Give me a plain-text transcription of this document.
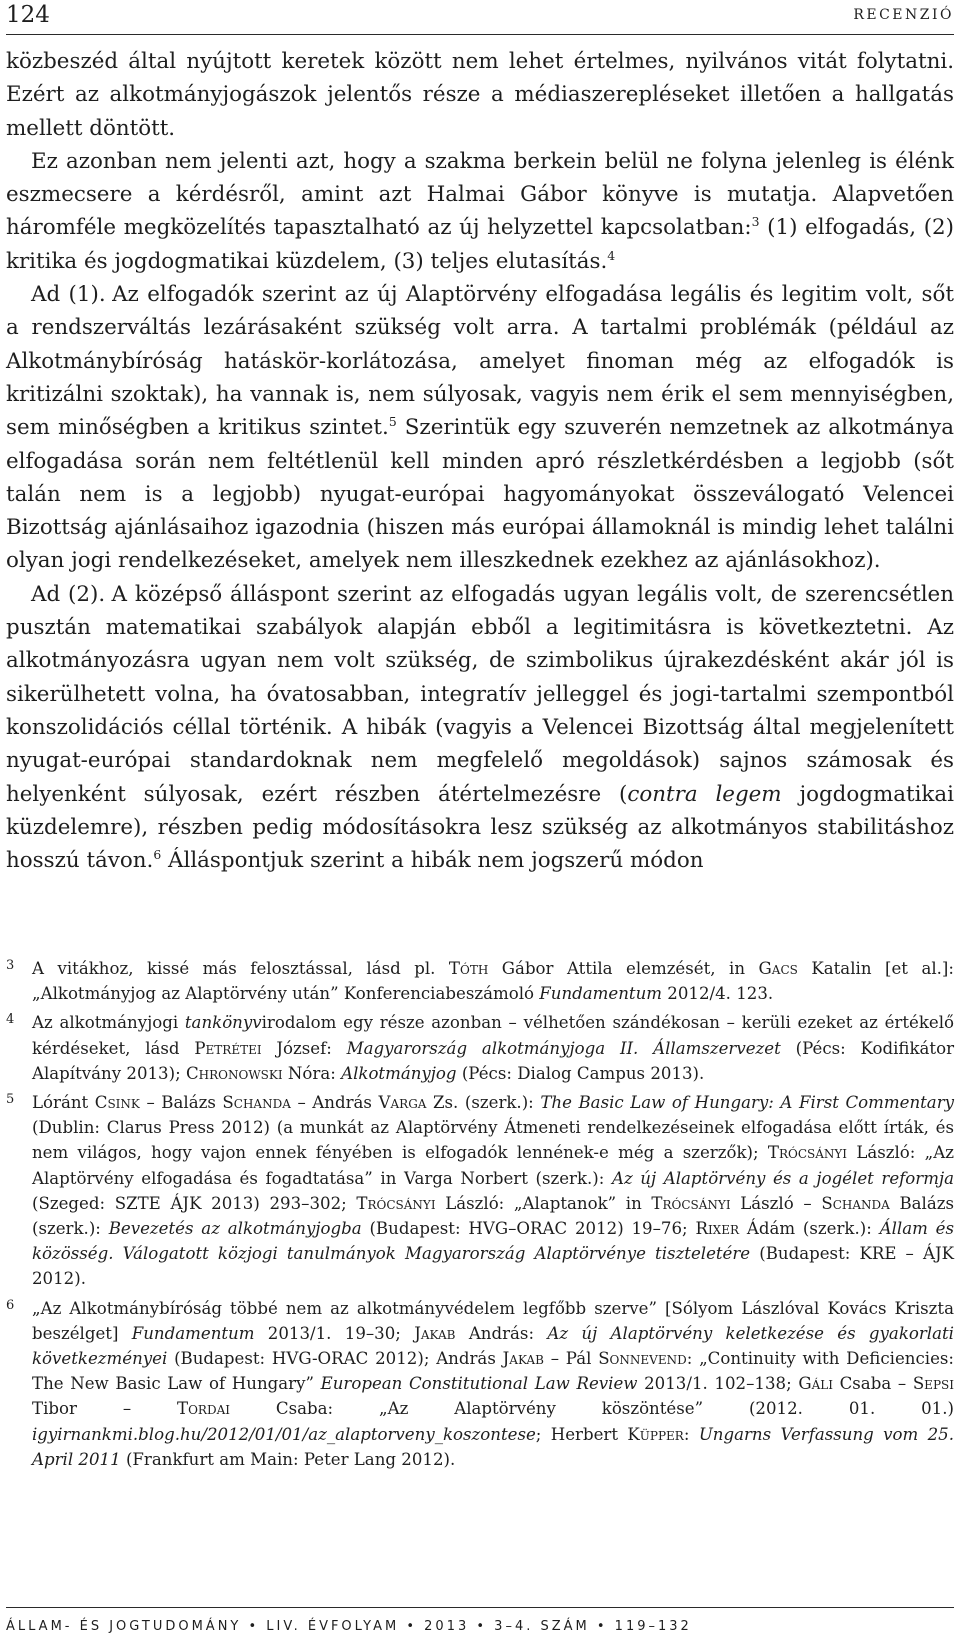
124	RECENZIÓ

közbeszéd által nyújtott keretek között nem lehet értelmes, nyilvános vitát folytatni. Ezért az alkotmányjogászok jelentős része a médiaszerepléseket illetően a hallgatás mellett döntött.

Ez azonban nem jelenti azt, hogy a szakma berkein belül ne folyna jelenleg is élénk eszmecsere a kérdésről, amint azt Halmai Gábor könyve is mutatja. Alapvetően háromféle megközelítés tapasztalható az új helyzettel kapcsolatban:$^3$ (1) elfogadás, (2) kritika és jogdogmatikai küzdelem, (3) teljes elutasítás.$^4$

Ad (1). Az elfogadók szerint az új Alaptörvény elfogadása legális és legitim volt, sőt a rendszerváltás lezárásaként szükség volt arra. A tartalmi problémák (például az Alkotmánybíróság hatáskör-korlátozása, amelyet finoman még az elfogadók is kritizálni szoktak), ha vannak is, nem súlyosak, vagyis nem érik el sem mennyiségben, sem minőségben a kritikus szintet.$^5$ Szerintük egy szuverén nemzetnek az alkotmánya elfogadása során nem feltétlenül kell minden apró részletkérdésben a legjobb (sőt talán nem is a legjobb) nyugat-európai hagyományokat összeválogató Velencei Bizottság ajánlásaihoz igazodnia (hiszen más európai államoknál is mindig lehet találni olyan jogi rendelkezéseket, amelyek nem illeszkednek ezekhez az ajánlásokhoz).

Ad (2). A középső álláspont szerint az elfogadás ugyan legális volt, de szerencsétlen pusztán matematikai szabályok alapján ebből a legitimitásra is következtetni. Az alkotmányozásra ugyan nem volt szükség, de szimbolikus újrakezdésként akár jól is sikerülhetett volna, ha óvatosabban, integratív jelleggel és jogi-tartalmi szempontból konszolidációs céllal történik. A hibák (vagyis a Velencei Bizottság által megjelenített nyugat-európai standardoknak nem megfelelő megoldások) sajnos számosak és helyenként súlyosak, ezért részben átértelmezésre (contra legem jogdogmatikai küzdelemre), részben pedig módosításokra lesz szükség az alkotmányos stabilitáshoz hosszú távon.$^6$ Álláspontjuk szerint a hibák nem jogszerű módon

3 A vitákhoz, kissé más felosztással, lásd pl. Tóth Gábor Attila elemzését, in Gacs Katalin [et al.]: „Alkotmányjog az Alaptörvény után” Konferenciabeszámoló Fundamentum 2012/4. 123.

4 Az alkotmányjogi tankönyvirodalom egy része azonban – vélhetően szándékosan – kerüli ezeket az értékelő kérdéseket, lásd Petrétei József: Magyarország alkotmányjoga II. Államszervezet (Pécs: Kodifikátor Alapítvány 2013); Chronowski Nóra: Alkotmányjog (Pécs: Dialog Campus 2013).

5 Lóránt Csink – Balázs Schanda – András Varga Zs. (szerk.): The Basic Law of Hungary: A First Commentary (Dublin: Clarus Press 2012) (a munkát az Alaptörvény Átmeneti rendelkezéseinek elfogadása előtt írták, és nem világos, hogy vajon ennek fényében is elfogadók lennének-e még a szerzők); Trócsányi László: „Az Alaptörvény elfogadása és fogadtatása” in Varga Norbert (szerk.): Az új Alaptörvény és a jogélet reformja (Szeged: SZTE ÁJK 2013) 293–302; Trócsányi László: „Alaptanok” in Trócsányi László – Schanda Balázs (szerk.): Bevezetés az alkotmányjogba (Budapest: HVG–ORAC 2012) 19–76; Rixer Ádám (szerk.): Állam és közösség. Válogatott közjogi tanulmányok Magyarország Alaptörvénye tiszteletére (Budapest: KRE – ÁJK 2012).

6 „Az Alkotmánybíróság többé nem az alkotmányvédelem legfőbb szerve” [Sólyom Lászlóval Kovács Kriszta beszélget] Fundamentum 2013/1. 19–30; Jakab András: Az új Alaptörvény keletkezése és gyakorlati következményei (Budapest: HVG-ORAC 2012); András Jakab – Pál Sonnevend: „Continuity with Deficiencies: The New Basic Law of Hungary” European Constitutional Law Review 2013/1. 102–138; Gáli Csaba – Sepsi Tibor – Tordai Csaba: „Az Alaptörvény köszöntése” (2012. 01. 01.) igyirnankmi.blog.hu/2012/01/01/az_alaptorveny_koszontese; Herbert Küpper: Ungarns Verfassung vom 25. April 2011 (Frankfurt am Main: Peter Lang 2012).

ÁLLAM- ÉS JOGTUDOMÁNY • LIV. ÉVFOLYAM • 2013 • 3–4. SZÁM • 119–132
